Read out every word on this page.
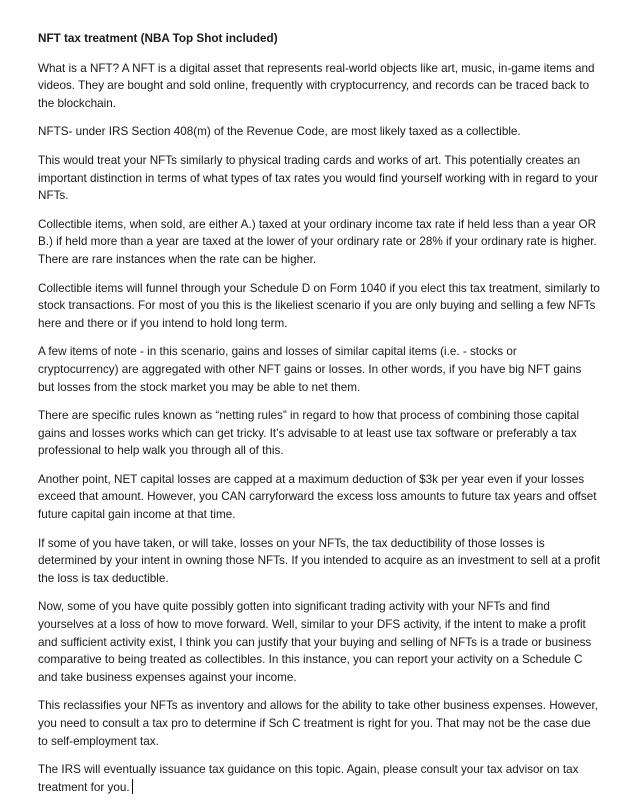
NFT tax treatment (NBA Top Shot included)

What is a NFT? A NFT is a digital asset that represents real-world objects like art, music, in-game items and videos. They are bought and sold online, frequently with cryptocurrency, and records can be traced back to the blockchain.

NFTS- under IRS Section 408(m) of the Revenue Code, are most likely taxed as a collectible.

This would treat your NFTs similarly to physical trading cards and works of art. This potentially creates an important distinction in terms of what types of tax rates you would find yourself working with in regard to your NFTs.

Collectible items, when sold, are either A.) taxed at your ordinary income tax rate if held less than a year OR B.) if held more than a year are taxed at the lower of your ordinary rate or 28% if your ordinary rate is higher. There are rare instances when the rate can be higher.

Collectible items will funnel through your Schedule D on Form 1040 if you elect this tax treatment, similarly to stock transactions. For most of you this is the likeliest scenario if you are only buying and selling a few NFTs here and there or if you intend to hold long term.

A few items of note - in this scenario, gains and losses of similar capital items (i.e. - stocks or cryptocurrency) are aggregated with other NFT gains or losses. In other words, if you have big NFT gains but losses from the stock market you may be able to net them.

There are specific rules known as “netting rules” in regard to how that process of combining those capital gains and losses works which can get tricky. It’s advisable to at least use tax software or preferably a tax professional to help walk you through all of this.

Another point, NET capital losses are capped at a maximum deduction of $3k per year even if your losses exceed that amount. However, you CAN carryforward the excess loss amounts to future tax years and offset future capital gain income at that time.

If some of you have taken, or will take, losses on your NFTs, the tax deductibility of those losses is determined by your intent in owning those NFTs. If you intended to acquire as an investment to sell at a profit the loss is tax deductible.

Now, some of you have quite possibly gotten into significant trading activity with your NFTs and find yourselves at a loss of how to move forward. Well, similar to your DFS activity, if the intent to make a profit and sufficient activity exist, I think you can justify that your buying and selling of NFTs is a trade or business comparative to being treated as collectibles. In this instance, you can report your activity on a Schedule C and take business expenses against your income.

This reclassifies your NFTs as inventory and allows for the ability to take other business expenses. However, you need to consult a tax pro to determine if Sch C treatment is right for you. That may not be the case due to self-employment tax.

The IRS will eventually issuance tax guidance on this topic. Again, please consult your tax advisor on tax treatment for you.
